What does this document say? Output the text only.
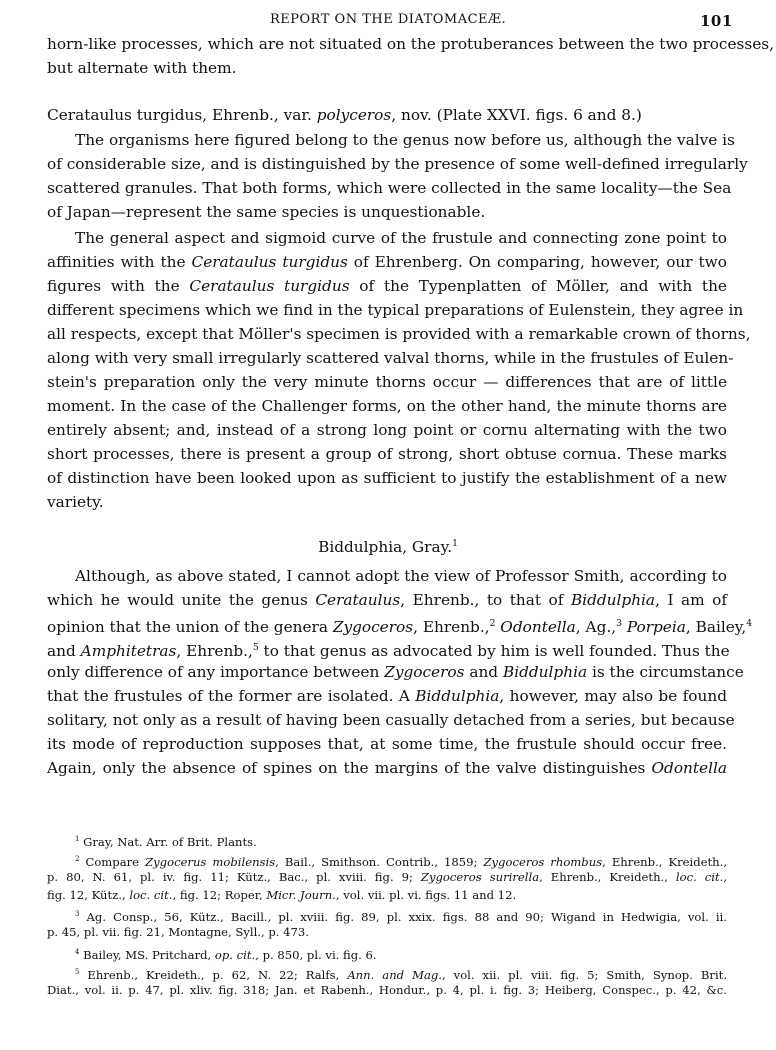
REPORT ON THE DIATOMACEÆ.	101
horn-like processes, which are not situated on the protuberances between the two processes,
but alternate with them.
Cerataulus turgidus, Ehrenb., var. polyceros, nov. (Plate XXVI. figs. 6 and 8.)
The organisms here figured belong to the genus now before us, although the valve is
of considerable size, and is distinguished by the presence of some well-defined irregularly
scattered granules. That both forms, which were collected in the same locality—the Sea
of Japan—represent the same species is unquestionable.
The general aspect and sigmoid curve of the frustule and connecting zone point to
affinities with the Cerataulus turgidus of Ehrenberg. On comparing, however, our two
figures with the Cerataulus turgidus of the Typenplatten of Möller, and with the
different specimens which we find in the typical preparations of Eulenstein, they agree in
all respects, except that Möller's specimen is provided with a remarkable crown of thorns,
along with very small irregularly scattered valval thorns, while in the frustules of Eulen-
stein's preparation only the very minute thorns occur — differences that are of little
moment. In the case of the Challenger forms, on the other hand, the minute thorns are
entirely absent; and, instead of a strong long point or cornu alternating with the two
short processes, there is present a group of strong, short obtuse cornua. These marks
of distinction have been looked upon as sufficient to justify the establishment of a new
variety.
Biddulphia, Gray.$^1$
Although, as above stated, I cannot adopt the view of Professor Smith, according to
which he would unite the genus Cerataulus, Ehrenb., to that of Biddulphia, I am of
opinion that the union of the genera Zygoceros, Ehrenb.,$^2$ Odontella, Ag.,$^3$ Porpeia, Bailey,$^4$
and Amphitetras, Ehrenb.,$^5$ to that genus as advocated by him is well founded. Thus the
only difference of any importance between Zygoceros and Biddulphia is the circumstance
that the frustules of the former are isolated. A Biddulphia, however, may also be found
solitary, not only as a result of having been casually detached from a series, but because
its mode of reproduction supposes that, at some time, the frustule should occur free.
Again, only the absence of spines on the margins of the valve distinguishes Odontella
$^1$ Gray, Nat. Arr. of Brit. Plants.
$^2$ Compare Zygocerus mobilensis, Bail., Smithson. Contrib., 1859; Zygoceros rhombus, Ehrenb., Kreideth.,
p. 80, N. 61, pl. iv. fig. 11; Kütz., Bac., pl. xviii. fig. 9; Zygoceros surirella, Ehrenb., Kreideth., loc. cit.,
fig. 12, Kütz., loc. cit., fig. 12; Roper, Micr. Journ., vol. vii. pl. vi. figs. 11 and 12.
$^3$ Ag. Consp., 56, Kütz., Bacill., pl. xviii. fig. 89, pl. xxix. figs. 88 and 90; Wigand in Hedwigia, vol. ii.
p. 45, pl. vii. fig. 21, Montagne, Syll., p. 473.
$^4$ Bailey, MS. Pritchard, op. cit., p. 850, pl. vi. fig. 6.
$^5$ Ehrenb., Kreideth., p. 62, N. 22; Ralfs, Ann. and Mag., vol. xii. pl. viii. fig. 5; Smith, Synop. Brit.
Diat., vol. ii. p. 47, pl. xliv. fig. 318; Jan. et Rabenh., Hondur., p. 4, pl. i. fig. 3; Heiberg, Conspec., p. 42, &c.
